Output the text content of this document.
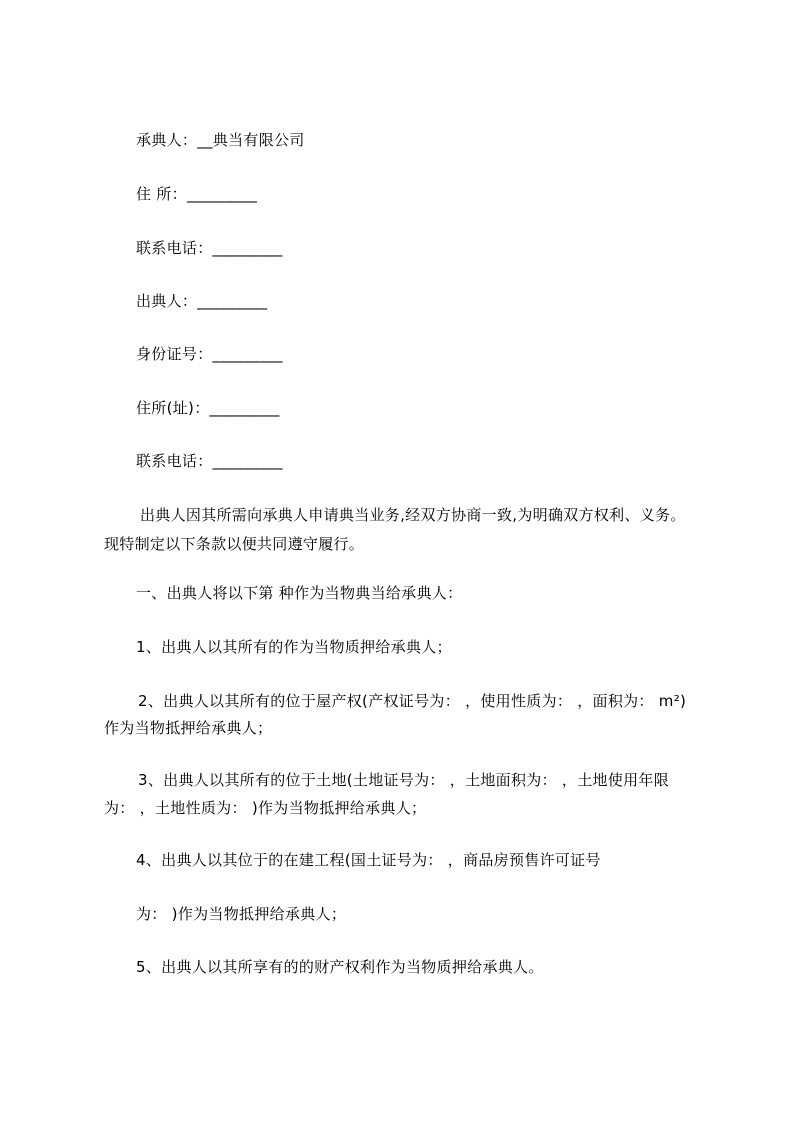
承典人：__典当有限公司
住 所：_________
联系电话：_________
出典人：_________
身份证号：_________
住所(址)：_________
联系电话：_________
出典人因其所需向承典人申请典当业务,经双方协商一致,为明确双方权利、义务。
现特制定以下条款以便共同遵守履行。
一、出典人将以下第 种作为当物典当给承典人：
1、出典人以其所有的作为当物质押给承典人；
2、出典人以其所有的位于屋产权(产权证号为： ，使用性质为： ，面积为： m²)
作为当物抵押给承典人；
3、出典人以其所有的位于土地(土地证号为： ，土地面积为： ，土地使用年限
为： ，土地性质为： )作为当物抵押给承典人；
4、出典人以其位于的在建工程(国土证号为： ，商品房预售许可证号
为： )作为当物抵押给承典人；
5、出典人以其所享有的的财产权利作为当物质押给承典人。
